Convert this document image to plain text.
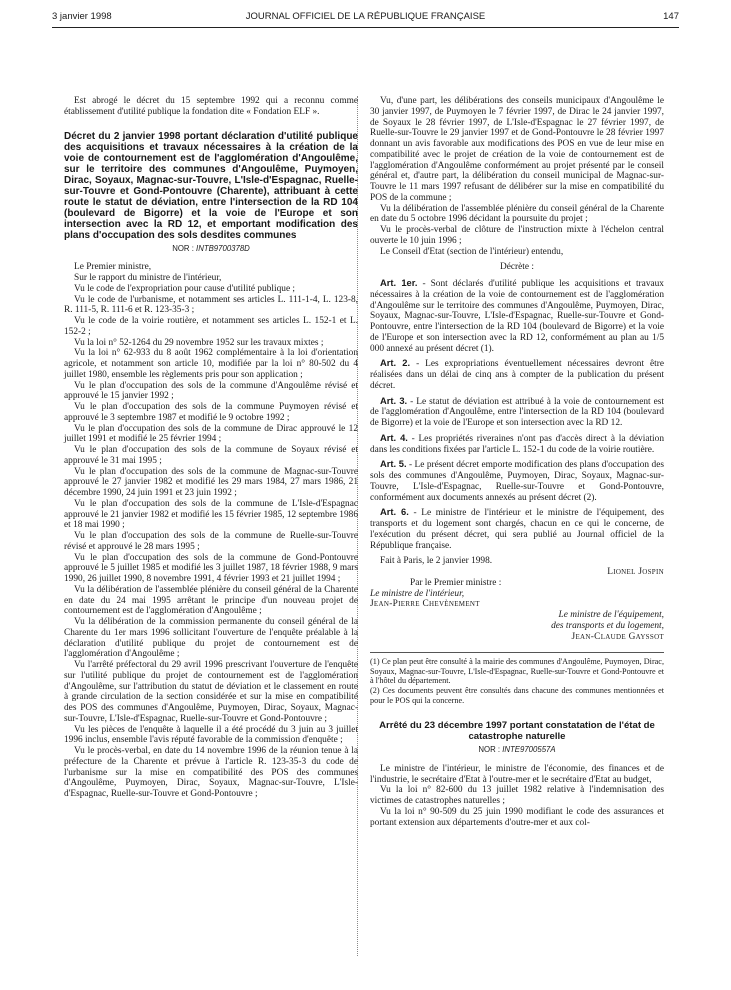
3 janvier 1998	JOURNAL OFFICIEL DE LA RÉPUBLIQUE FRANÇAISE	147

Est abrogé le décret du 15 septembre 1992 qui a reconnu comme établissement d'utilité publique la fondation dite « Fondation ELF ».

Décret du 2 janvier 1998 portant déclaration d'utilité publique des acquisitions et travaux nécessaires à la création de la voie de contournement est de l'agglomération d'Angoulême, sur le territoire des communes d'Angoulême, Puymoyen, Dirac, Soyaux, Magnac-sur-Touvre, L'Isle-d'Espagnac, Ruelle-sur-Touvre et Gond-Pontouvre (Charente), attribuant à cette route le statut de déviation, entre l'intersection de la RD 104 (boulevard de Bigorre) et la voie de l'Europe et son intersection avec la RD 12, et emportant modification des plans d'occupation des sols desdites communes

NOR : INTB9700378D

Le Premier ministre,

Sur le rapport du ministre de l'intérieur,

Vu le code de l'expropriation pour cause d'utilité publique ;

Vu le code de l'urbanisme, et notamment ses articles L. 111-1-4, L. 123-8, R. 111-5, R. 111-6 et R. 123-35-3 ;

Vu le code de la voirie routière, et notamment ses articles L. 152-1 et L. 152-2 ;

Vu la loi n° 52-1264 du 29 novembre 1952 sur les travaux mixtes ;

Vu la loi n° 62-933 du 8 août 1962 complémentaire à la loi d'orientation agricole, et notamment son article 10, modifiée par la loi n° 80-502 du 4 juillet 1980, ensemble les règlements pris pour son application ;

Vu le plan d'occupation des sols de la commune d'Angoulême révisé et approuvé le 15 janvier 1992 ;

Vu le plan d'occupation des sols de la commune Puymoyen révisé et approuvé le 3 septembre 1987 et modifié le 9 octobre 1992 ;

Vu le plan d'occupation des sols de la commune de Dirac approuvé le 12 juillet 1991 et modifié le 25 février 1994 ;

Vu le plan d'occupation des sols de la commune de Soyaux révisé et approuvé le 31 mai 1995 ;

Vu le plan d'occupation des sols de la commune de Magnac-sur-Touvre approuvé le 27 janvier 1982 et modifié les 29 mars 1984, 27 mars 1986, 21 décembre 1990, 24 juin 1991 et 23 juin 1992 ;

Vu le plan d'occupation des sols de la commune de L'Isle-d'Espagnac approuvé le 21 janvier 1982 et modifié les 15 février 1985, 12 septembre 1986 et 18 mai 1990 ;

Vu le plan d'occupation des sols de la commune de Ruelle-sur-Touvre révisé et approuvé le 28 mars 1995 ;

Vu le plan d'occupation des sols de la commune de Gond-Pontouvre approuvé le 5 juillet 1985 et modifié les 3 juillet 1987, 18 février 1988, 9 mars 1990, 26 juillet 1990, 8 novembre 1991, 4 février 1993 et 21 juillet 1994 ;

Vu la délibération de l'assemblée plénière du conseil général de la Charente en date du 24 mai 1995 arrêtant le principe d'un nouveau projet de contournement est de l'agglomération d'Angoulême ;

Vu la délibération de la commission permanente du conseil général de la Charente du 1er mars 1996 sollicitant l'ouverture de l'enquête préalable à la déclaration d'utilité publique du projet de contournement est de l'agglomération d'Angoulême ;

Vu l'arrêté préfectoral du 29 avril 1996 prescrivant l'ouverture de l'enquête sur l'utilité publique du projet de contournement est de l'agglomération d'Angoulême, sur l'attribution du statut de déviation et le classement en route à grande circulation de la section considérée et sur la mise en compatibilité des POS des communes d'Angoulême, Puymoyen, Dirac, Soyaux, Magnac-sur-Touvre, L'Isle-d'Espagnac, Ruelle-sur-Touvre et Gond-Pontouvre ;

Vu les pièces de l'enquête à laquelle il a été procédé du 3 juin au 3 juillet 1996 inclus, ensemble l'avis réputé favorable de la commission d'enquête ;

Vu le procès-verbal, en date du 14 novembre 1996 de la réunion tenue à la préfecture de la Charente et prévue à l'article R. 123-35-3 du code de l'urbanisme sur la mise en compatibilité des POS des communes d'Angoulême, Puymoyen, Dirac, Soyaux, Magnac-sur-Touvre, L'Isle-d'Espagnac, Ruelle-sur-Touvre et Gond-Pontouvre ;

Vu, d'une part, les délibérations des conseils municipaux d'Angoulême le 30 janvier 1997, de Puymoyen le 7 février 1997, de Dirac le 24 janvier 1997, de Soyaux le 28 février 1997, de L'Isle-d'Espagnac le 27 février 1997, de Ruelle-sur-Touvre le 29 janvier 1997 et de Gond-Pontouvre le 28 février 1997 donnant un avis favorable aux modifications des POS en vue de leur mise en compatibilité avec le projet de création de la voie de contournement est de l'agglomération d'Angoulême conformément au projet présenté par le conseil général et, d'autre part, la délibération du conseil municipal de Magnac-sur-Touvre le 11 mars 1997 refusant de délibérer sur la mise en compatibilité du POS de la commune ;

Vu la délibération de l'assemblée plénière du conseil général de la Charente en date du 5 octobre 1996 décidant la poursuite du projet ;

Vu le procès-verbal de clôture de l'instruction mixte à l'échelon central ouverte le 10 juin 1996 ;

Le Conseil d'Etat (section de l'intérieur) entendu,

Décrète :

Art. 1er. - Sont déclarés d'utilité publique les acquisitions et travaux nécessaires à la création de la voie de contournement est de l'agglomération d'Angoulême sur le territoire des communes d'Angoulême, Puymoyen, Dirac, Soyaux, Magnac-sur-Touvre, L'Isle-d'Espagnac, Ruelle-sur-Touvre et Gond-Pontouvre, entre l'intersection de la RD 104 (boulevard de Bigorre) et la voie de l'Europe et son intersection avec la RD 12, conformément au plan au 1/5 000 annexé au présent décret (1).

Art. 2. - Les expropriations éventuellement nécessaires devront être réalisées dans un délai de cinq ans à compter de la publication du présent décret.

Art. 3. - Le statut de déviation est attribué à la voie de contournement est de l'agglomération d'Angoulême, entre l'intersection de la RD 104 (boulevard de Bigorre) et la voie de l'Europe et son intersection avec la RD 12.

Art. 4. - Les propriétés riveraines n'ont pas d'accès direct à la déviation dans les conditions fixées par l'article L. 152-1 du code de la voirie routière.

Art. 5. - Le présent décret emporte modification des plans d'occupation des sols des communes d'Angoulême, Puymoyen, Dirac, Soyaux, Magnac-sur-Touvre, L'Isle-d'Espagnac, Ruelle-sur-Touvre et Gond-Pontouvre, conformément aux documents annexés au présent décret (2).

Art. 6. - Le ministre de l'intérieur et le ministre de l'équipement, des transports et du logement sont chargés, chacun en ce qui le concerne, de l'exécution du présent décret, qui sera publié au Journal officiel de la République française.

Fait à Paris, le 2 janvier 1998.

Lionel Jospin

Par le Premier ministre :

Le ministre de l'intérieur,

Jean-Pierre Chevènement

Le ministre de l'équipement,

des transports et du logement,

Jean-Claude Gayssot

(1) Ce plan peut être consulté à la mairie des communes d'Angoulême, Puymoyen, Dirac, Soyaux, Magnac-sur-Touvre, L'Isle-d'Espagnac, Ruelle-sur-Touvre et Gond-Pontouvre et à l'hôtel du département.

(2) Ces documents peuvent être consultés dans chacune des communes mentionnées et pour le POS qui la concerne.

Arrêté du 23 décembre 1997 portant constatation de l'état de catastrophe naturelle

NOR : INTE9700557A

Le ministre de l'intérieur, le ministre de l'économie, des finances et de l'industrie, le secrétaire d'Etat à l'outre-mer et le secrétaire d'Etat au budget,

Vu la loi n° 82-600 du 13 juillet 1982 relative à l'indemnisation des victimes de catastrophes naturelles ;

Vu la loi n° 90-509 du 25 juin 1990 modifiant le code des assurances et portant extension aux départements d'outre-mer et aux col-
